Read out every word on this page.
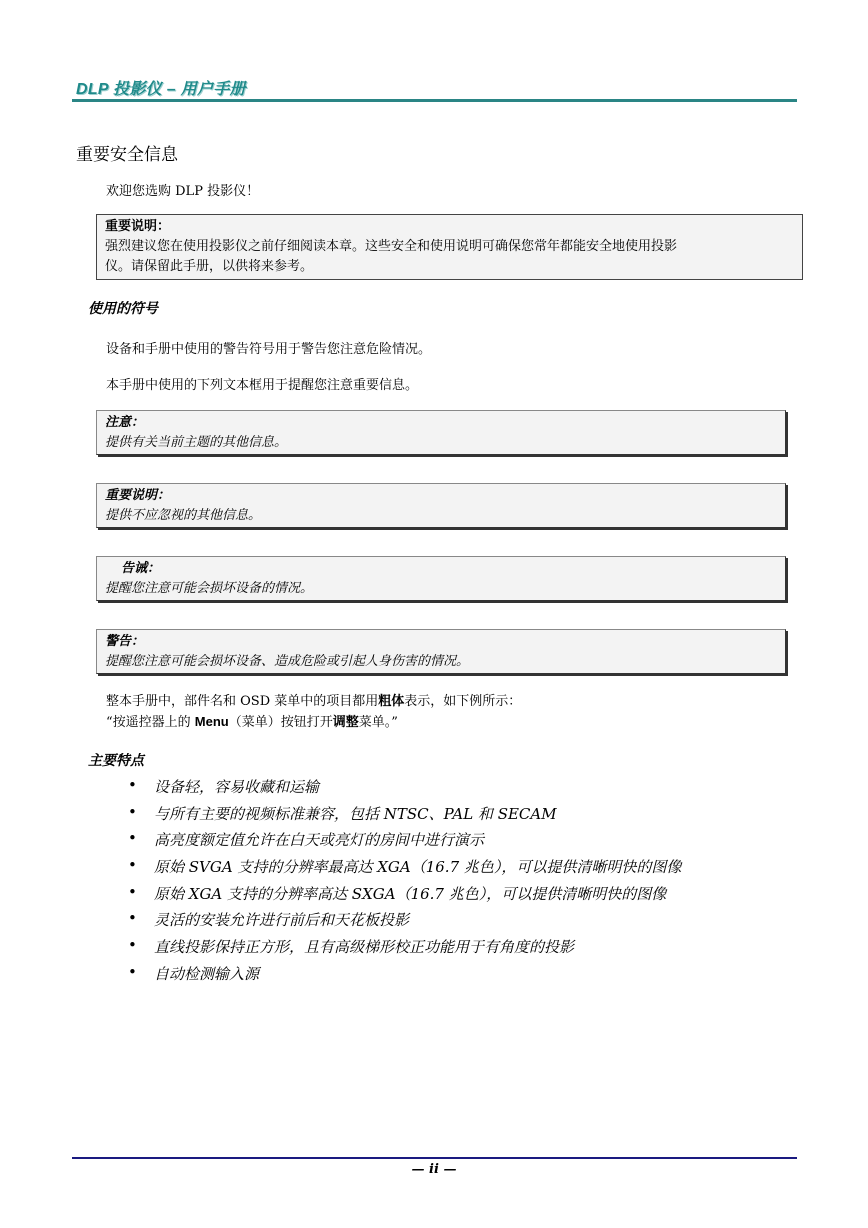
DLP 投影仪 – 用户手册
重要安全信息
欢迎您选购 DLP 投影仪！
重要说明：
强烈建议您在使用投影仪之前仔细阅读本章。这些安全和使用说明可确保您常年都能安全地使用投影
仪。请保留此手册，以供将来参考。
使用的符号
设备和手册中使用的警告符号用于警告您注意危险情况。
本手册中使用的下列文本框用于提醒您注意重要信息。
注意：
提供有关当前主题的其他信息。
重要说明：
提供不应忽视的其他信息。
告诫：
提醒您注意可能会损坏设备的情况。
警告：
提醒您注意可能会损坏设备、造成危险或引起人身伤害的情况。
整本手册中，部件名和 OSD 菜单中的项目都用粗体表示，如下例所示：
“按遥控器上的 Menu（菜单）按钮打开调整菜单。”
主要特点
• 设备轻，容易收藏和运输
• 与所有主要的视频标准兼容，包括 NTSC、PAL 和 SECAM
• 高亮度额定值允许在白天或亮灯的房间中进行演示
• 原始 SVGA 支持的分辨率最高达 XGA（16.7 兆色），可以提供清晰明快的图像
• 原始 XGA 支持的分辨率高达 SXGA（16.7 兆色），可以提供清晰明快的图像
• 灵活的安装允许进行前后和天花板投影
• 直线投影保持正方形，且有高级梯形校正功能用于有角度的投影
• 自动检测输入源
— ii —
